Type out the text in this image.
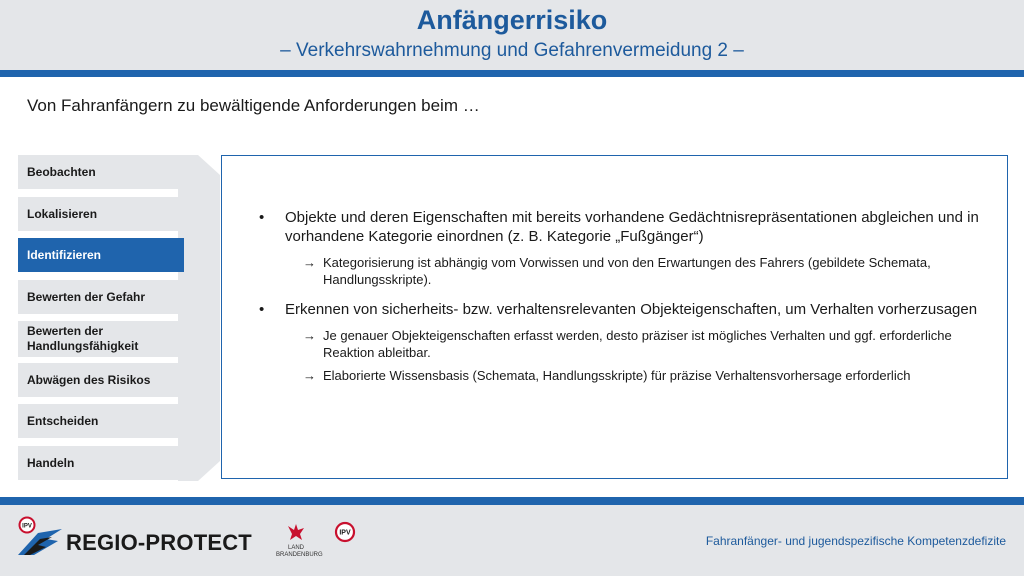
Anfängerrisiko
– Verkehrswahrnehmung und Gefahrenvermeidung 2 –
Von Fahranfängern zu bewältigende Anforderungen beim …
Beobachten
Lokalisieren
Identifizieren
Bewerten der Gefahr
Bewerten der Handlungsfähigkeit
Abwägen des Risikos
Entscheiden
Handeln
• Objekte und deren Eigenschaften mit bereits vorhandene Gedächtnisrepräsentationen abgleichen und in vorhandene Kategorie einordnen (z. B. Kategorie „Fußgänger“)
→ Kategorisierung ist abhängig vom Vorwissen und von den Erwartungen des Fahrers (gebildete Schemata, Handlungsskripte).
• Erkennen von sicherheits- bzw. verhaltensrelevanten Objekteigenschaften, um Verhalten vorherzusagen
→ Je genauer Objekteigenschaften erfasst werden, desto präziser ist mögliches Verhalten und ggf. erforderliche Reaktion ableitbar.
→ Elaborierte Wissensbasis (Schemata, Handlungsskripte) für präzise Verhaltensvorhersage erforderlich
IPV
REGIO-PROTECT	LAND
BRANDENBURG
IPV
Fahranfänger- und jugendspezifische Kompetenzdefizite
